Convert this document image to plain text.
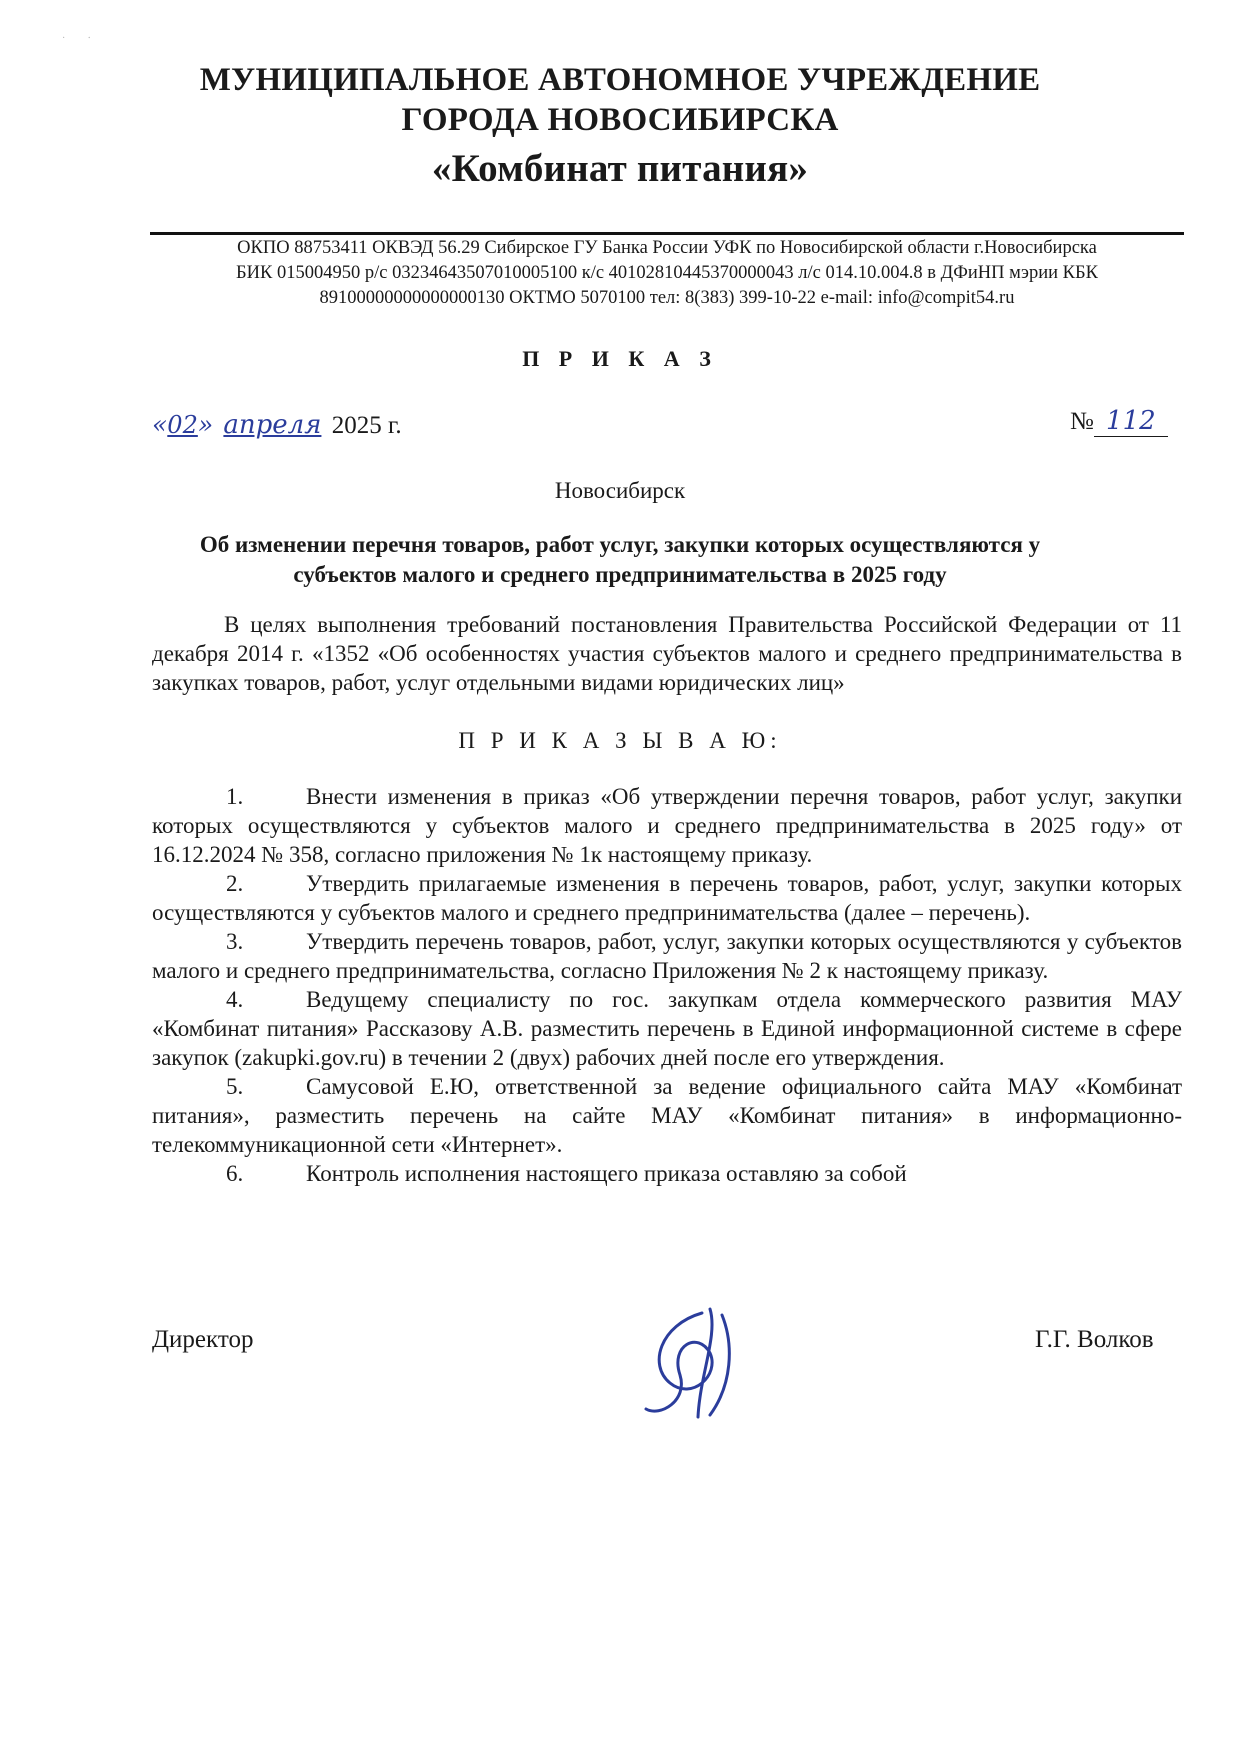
·         ⸱
МУНИЦИПАЛЬНОЕ АВТОНОМНОЕ УЧРЕЖДЕНИЕ
ГОРОДА НОВОСИБИРСКА
«Комбинат питания»
ОКПО 88753411 ОКВЭД 56.29 Сибирское ГУ Банка России УФК по Новосибирской области г.Новосибирска
БИК 015004950 р/с 03234643507010005100 к/с 40102810445370000043 л/с 014.10.004.8 в ДФиНП мэрии КБК
89100000000000000130 ОКТМО 5070100 тел: 8(383) 399-10-22 e-mail: info@compit54.ru
П Р И К А З
«02» апреля 2025 г.	№ 112
Новосибирск
Об изменении перечня товаров, работ услуг, закупки которых осуществляются у субъектов малого и среднего предпринимательства в 2025 году
В целях выполнения требований постановления Правительства Российской Федерации от 11 декабря 2014 г. «1352 «Об особенностях участия субъектов малого и среднего предпринимательства в закупках товаров, работ, услуг отдельными видами юридических лиц»
П Р И К А З Ы В А Ю:

1.	Внести изменения в приказ «Об утверждении перечня товаров, работ услуг, закупки которых осуществляются у субъектов малого и среднего предпринимательства в 2025 году» от 16.12.2024 № 358, согласно приложения № 1к настоящему приказу.

2.	Утвердить прилагаемые изменения в перечень товаров, работ, услуг, закупки которых осуществляются у субъектов малого и среднего предпринимательства (далее – перечень).

3.	Утвердить перечень товаров, работ, услуг, закупки которых осуществляются у субъектов малого и среднего предпринимательства, согласно Приложения № 2 к настоящему приказу.

4.	Ведущему специалисту по гос. закупкам отдела коммерческого развития МАУ «Комбинат питания» Рассказову А.В. разместить перечень в Единой информационной системе в сфере закупок (zakupki.gov.ru) в течении 2 (двух) рабочих дней после его утверждения.

5.	Самусовой Е.Ю, ответственной за ведение официального сайта МАУ «Комбинат питания», разместить перечень на сайте МАУ «Комбинат питания» в информационно-телекоммуникационной сети «Интернет».

6.	Контроль исполнения настоящего приказа оставляю за собой

Директор	Г.Г. Волков
